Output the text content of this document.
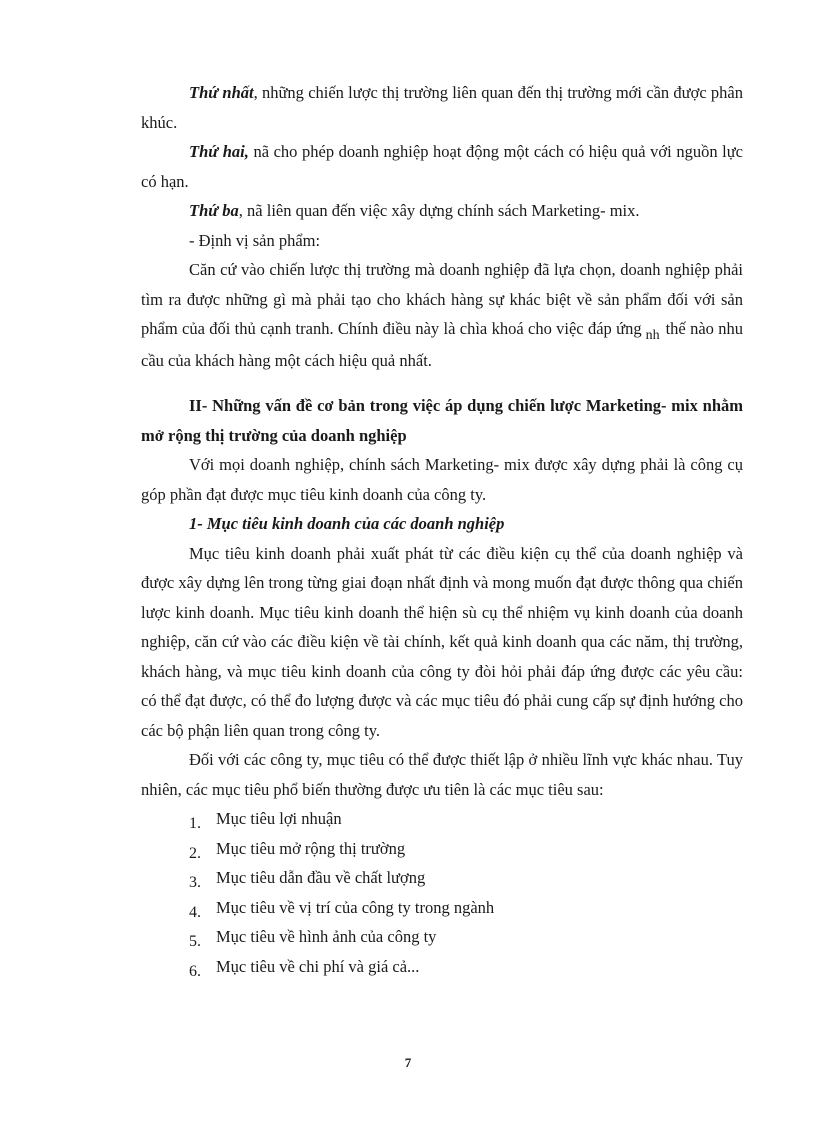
Thứ nhất, những chiến lược thị trường liên quan đến thị trường mới cần được phân khúc.

Thứ hai, nã cho phép doanh nghiệp hoạt động một cách có hiệu quả với nguồn lực có hạn.

Thứ ba, nã liên quan đến việc xây dựng chính sách Marketing- mix.

- Định vị sản phẩm:

Căn cứ vào chiến lược thị trường mà doanh nghiệp đã lựa chọn, doanh nghiệp phải tìm ra được những gì mà phải tạo cho khách hàng sự khác biệt về sản phẩm đối với sản phẩm của đối thủ cạnh tranh. Chính điều này là chìa khoá cho việc đáp ứng $_{nh}$ thế nào nhu cầu của khách hàng một cách hiệu quả nhất.

II- Những vấn đề cơ bản trong việc áp dụng chiến lược Marketing- mix nhằm mở rộng thị trường của doanh nghiệp

Với mọi doanh nghiệp, chính sách Marketing- mix được xây dựng phải là công cụ góp phần đạt được mục tiêu kinh doanh của công ty.

1- Mục tiêu kinh doanh của các doanh nghiệp

Mục tiêu kinh doanh phải xuất phát từ các điều kiện cụ thể của doanh nghiệp và được xây dựng lên trong từng giai đoạn nhất định và mong muốn đạt được thông qua chiến lược kinh doanh. Mục tiêu kinh doanh thể hiện sù cụ thể nhiệm vụ kinh doanh của doanh nghiệp, căn cứ vào các điều kiện về tài chính, kết quả kinh doanh qua các năm, thị trường, khách hàng, và mục tiêu kinh doanh của công ty đòi hỏi phải đáp ứng được các yêu cầu: có thể đạt được, có thể đo lượng được và các mục tiêu đó phải cung cấp sự định hướng cho các bộ phận liên quan trong công ty.

Đối với các công ty, mục tiêu có thể được thiết lập ở nhiều lĩnh vực khác nhau. Tuy nhiên, các mục tiêu phổ biến thường được ưu tiên là các mục tiêu sau:

1. Mục tiêu lợi nhuận
2. Mục tiêu mở rộng thị trường
3. Mục tiêu dẫn đầu về chất lượng
4. Mục tiêu về vị trí của công ty trong ngành
5. Mục tiêu về hình ảnh của công ty
6. Mục tiêu về chi phí và giá cả...
7
